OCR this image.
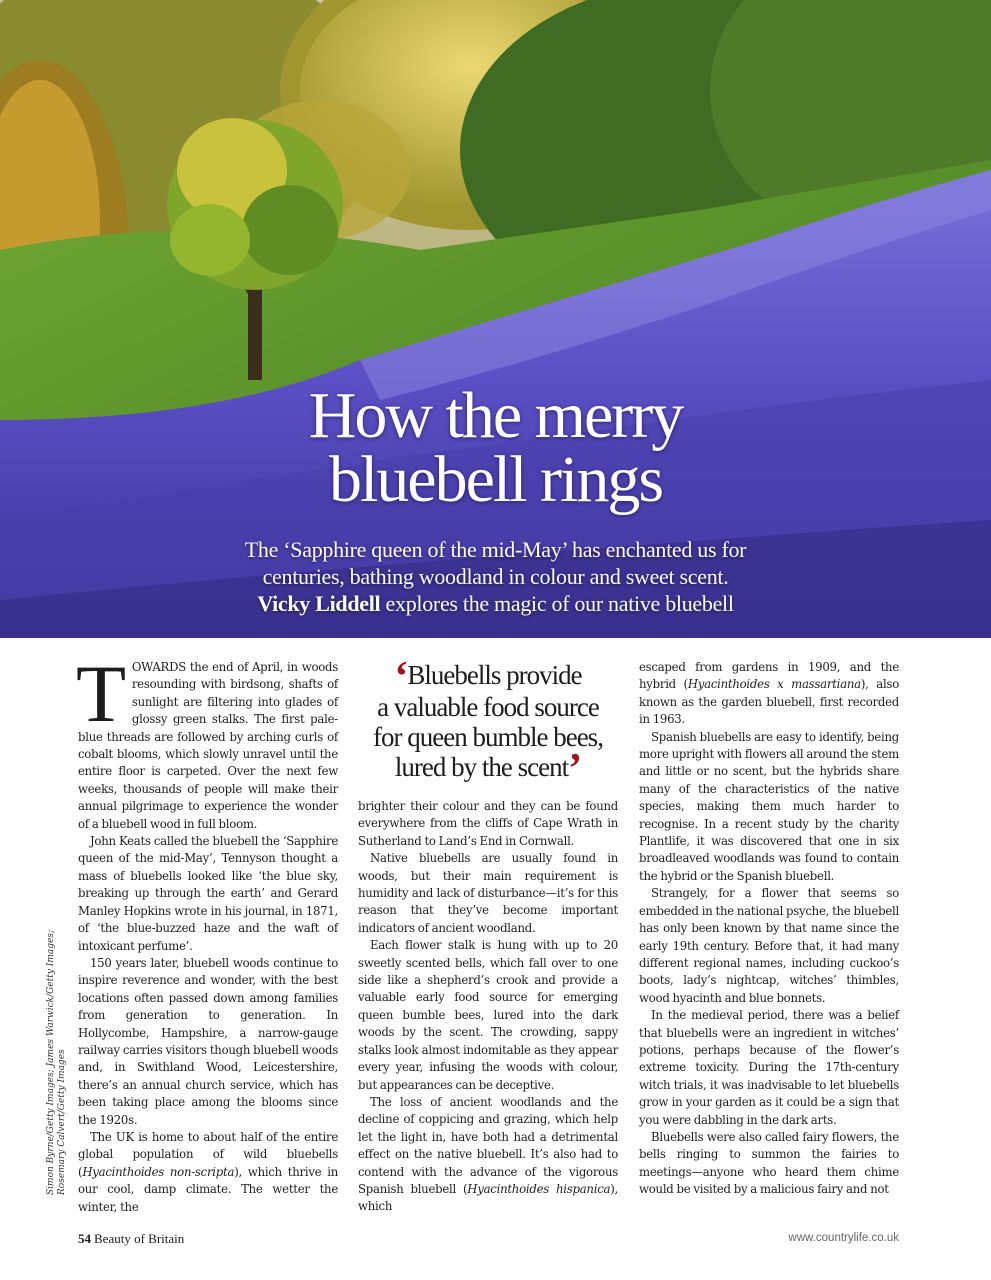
How the merry
bluebell rings

The ‘Sapphire queen of the mid-May’ has enchanted us for
centuries, bathing woodland in colour and sweet scent.
Vicky Liddell explores the magic of our native bluebell

Simon Byrne/Getty Images; James Warwick/Getty Images;
Rosemary Calvert/Getty Images

TOWARDS the end of April, in woods resounding with birdsong, shafts of sunlight are filtering into glades of glossy green stalks. The first pale-blue threads are followed by arching curls of cobalt blooms, which slowly unravel until the entire floor is carpeted. Over the next few weeks, thousands of people will make their annual pilgrimage to experience the wonder of a bluebell wood in full bloom.

John Keats called the bluebell the ‘Sapphire queen of the mid-May’, Tennyson thought a mass of bluebells looked like ‘the blue sky, breaking up through the earth’ and Gerard Manley Hopkins wrote in his journal, in 1871, of ‘the blue-buzzed haze and the waft of intoxicant perfume’.

150 years later, bluebell woods continue to inspire reverence and wonder, with the best locations often passed down among families from generation to generation. In Hollycombe, Hampshire, a narrow-gauge railway carries visitors though bluebell woods and, in Swithland Wood, Leicestershire, there’s an annual church service, which has been taking place among the blooms since the 1920s.

The UK is home to about half of the entire global population of wild bluebells (Hyacinthoides non-scripta), which thrive in our cool, damp climate. The wetter the winter, the

‘Bluebells provide
a valuable food source
for queen bumble bees,
lured by the scent’

brighter their colour and they can be found everywhere from the cliffs of Cape Wrath in Sutherland to Land’s End in Cornwall.

Native bluebells are usually found in woods, but their main requirement is humidity and lack of disturbance—it’s for this reason that they’ve become important indicators of ancient woodland.

Each flower stalk is hung with up to 20 sweetly scented bells, which fall over to one side like a shepherd’s crook and provide a valuable early food source for emerging queen bumble bees, lured into the dark woods by the scent. The crowding, sappy stalks look almost indomitable as they appear every year, infusing the woods with colour, but appearances can be deceptive.

The loss of ancient woodlands and the decline of coppicing and grazing, which help let the light in, have both had a detrimental effect on the native bluebell. It’s also had to contend with the advance of the vigorous Spanish bluebell (Hyacinthoides hispanica), which

escaped from gardens in 1909, and the hybrid (Hyacinthoides x massartiana), also known as the garden bluebell, first recorded in 1963.

Spanish bluebells are easy to identify, being more upright with flowers all around the stem and little or no scent, but the hybrids share many of the characteristics of the native species, making them much harder to recognise. In a recent study by the charity Plantlife, it was discovered that one in six broadleaved woodlands was found to contain the hybrid or the Spanish bluebell.

Strangely, for a flower that seems so embedded in the national psyche, the bluebell has only been known by that name since the early 19th century. Before that, it had many different regional names, including cuckoo’s boots, lady’s nightcap, witches’ thimbles, wood hyacinth and blue bonnets.

In the medieval period, there was a belief that bluebells were an ingredient in witches’ potions, perhaps because of the flower’s extreme toxicity. During the 17th-century witch trials, it was inadvisable to let bluebells grow in your garden as it could be a sign that you were dabbling in the dark arts.

Bluebells were also called fairy flowers, the bells ringing to summon the fairies to meetings—anyone who heard them chime would be visited by a malicious fairy and not

54 Beauty of Britain	www.countrylife.co.uk
